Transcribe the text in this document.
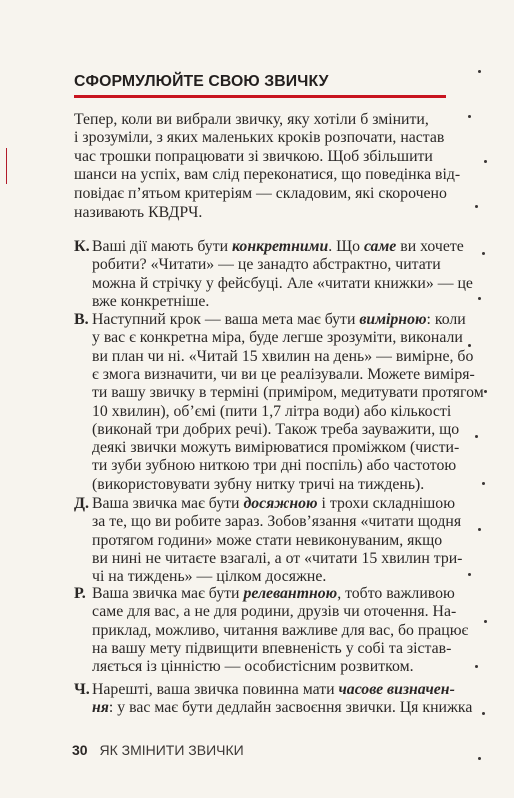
СФОРМУЛЮЙТЕ СВОЮ ЗВИЧКУ
Тепер, коли ви вибрали звичку, яку хотіли б змінити,
і зрозуміли, з яких маленьких кроків розпочати, настав
час трошки попрацювати зі звичкою. Щоб збільшити
шанси на успіх, вам слід переконатися, що поведінка від-
повідає п’ятьом критеріям — складовим, які скорочено
називають КВДРЧ.
К. Ваші дії мають бути конкретними. Що саме ви хочете
робити? «Читати» — це занадто абстрактно, читати
можна й стрічку у фейсбуці. Але «читати книжки» — це
вже конкретніше.
В. Наступний крок — ваша мета має бути вимірною: коли
у вас є конкретна міра, буде легше зрозуміти, виконали
ви план чи ні. «Читай 15 хвилин на день» — вимірне, бо
є змога визначити, чи ви це реалізували. Можете виміря-
ти вашу звичку в терміні (приміром, медитувати протягом
10 хвилин), об’ємі (пити 1,7 літра води) або кількості
(виконай три добрих речі). Також треба зауважити, що
деякі звички можуть вимірюватися проміжком (чисти-
ти зуби зубною ниткою три дні поспіль) або частотою
(використовувати зубну нитку тричі на тиждень).
Д. Ваша звичка має бути досяжною і трохи складнішою
за те, що ви робите зараз. Зобов’язання «читати щодня
протягом години» може стати невиконуваним, якщо
ви нині не читаєте взагалі, а от «читати 15 хвилин три-
чі на тиждень» — цілком досяжне.
Р. Ваша звичка має бути релевантною, тобто важливою
саме для вас, а не для родини, друзів чи оточення. На-
приклад, можливо, читання важливе для вас, бо працює
на вашу мету підвищити впевненість у собі та зістав-
ляється із цінністю — особистісним розвитком.
Ч. Нарешті, ваша звичка повинна мати часове визначен-
ня: у вас має бути дедлайн засвоєння звички. Ця книжка
30 ЯК ЗМІНИТИ ЗВИЧКИ
